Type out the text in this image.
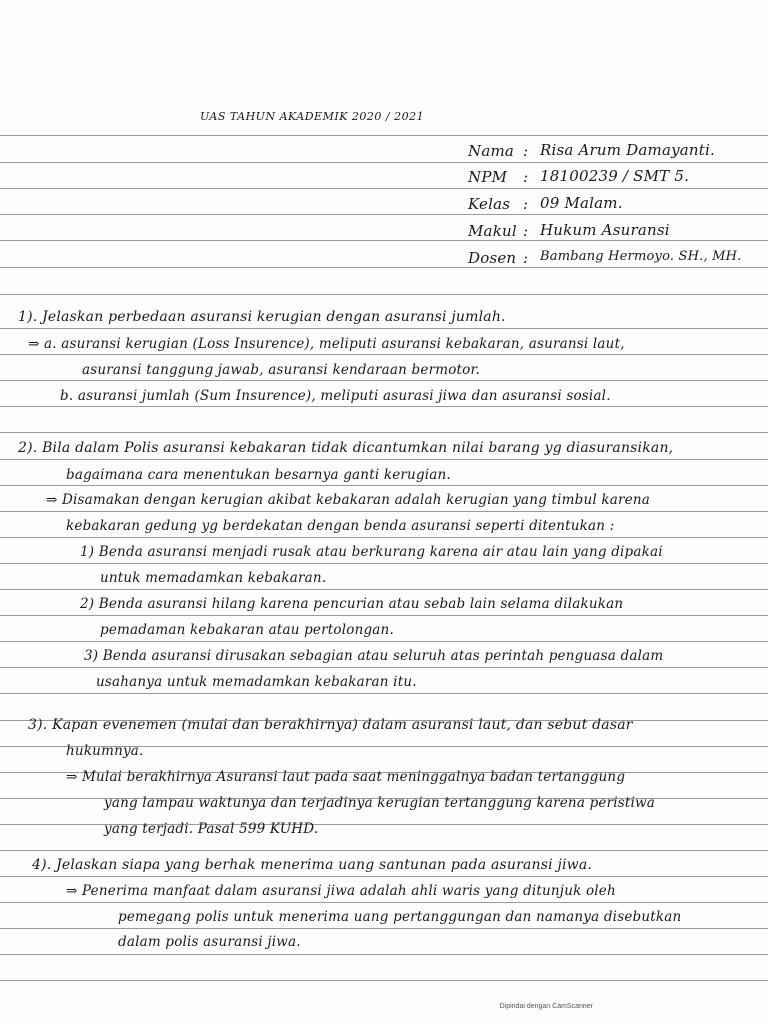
UAS TAHUN AKADEMIK 2020 / 2021
Nama : Risa Arum Damayanti.
NPM : 18100239 / SMT 5.
Kelas : 09 Malam.
Makul : Hukum Asuransi
Dosen : Bambang Hermoyo. SH., MH.
1). Jelaskan perbedaan asuransi kerugian dengan asuransi jumlah.
⇒ a. asuransi kerugian (Loss Insurence), meliputi asuransi kebakaran, asuransi laut,
asuransi tanggung jawab, asuransi kendaraan bermotor.
b. asuransi jumlah (Sum Insurence), meliputi asurasi jiwa dan asuransi sosial.
2). Bila dalam Polis asuransi kebakaran tidak dicantumkan nilai barang yg diasuransikan,
bagaimana cara menentukan besarnya ganti kerugian.
⇒ Disamakan dengan kerugian akibat kebakaran adalah kerugian yang timbul karena
kebakaran gedung yg berdekatan dengan benda asuransi seperti ditentukan :
1) Benda asuransi menjadi rusak atau berkurang karena air atau lain yang dipakai
untuk memadamkan kebakaran.
2) Benda asuransi hilang karena pencurian atau sebab lain selama dilakukan
pemadaman kebakaran atau pertolongan.
3) Benda asuransi dirusakan sebagian atau seluruh atas perintah penguasa dalam
usahanya untuk memadamkan kebakaran itu.
3). Kapan evenemen (mulai dan berakhirnya) dalam asuransi laut, dan sebut dasar
hukumnya.
⇒ Mulai berakhirnya Asuransi laut pada saat meninggalnya badan tertanggung
yang lampau waktunya dan terjadinya kerugian tertanggung karena peristiwa
yang terjadi. Pasal 599 KUHD.
4). Jelaskan siapa yang berhak menerima uang santunan pada asuransi jiwa.
⇒ Penerima manfaat dalam asuransi jiwa adalah ahli waris yang ditunjuk oleh
pemegang polis untuk menerima uang pertanggungan dan namanya disebutkan
dalam polis asuransi jiwa.
Dipindai dengan CamScanner
